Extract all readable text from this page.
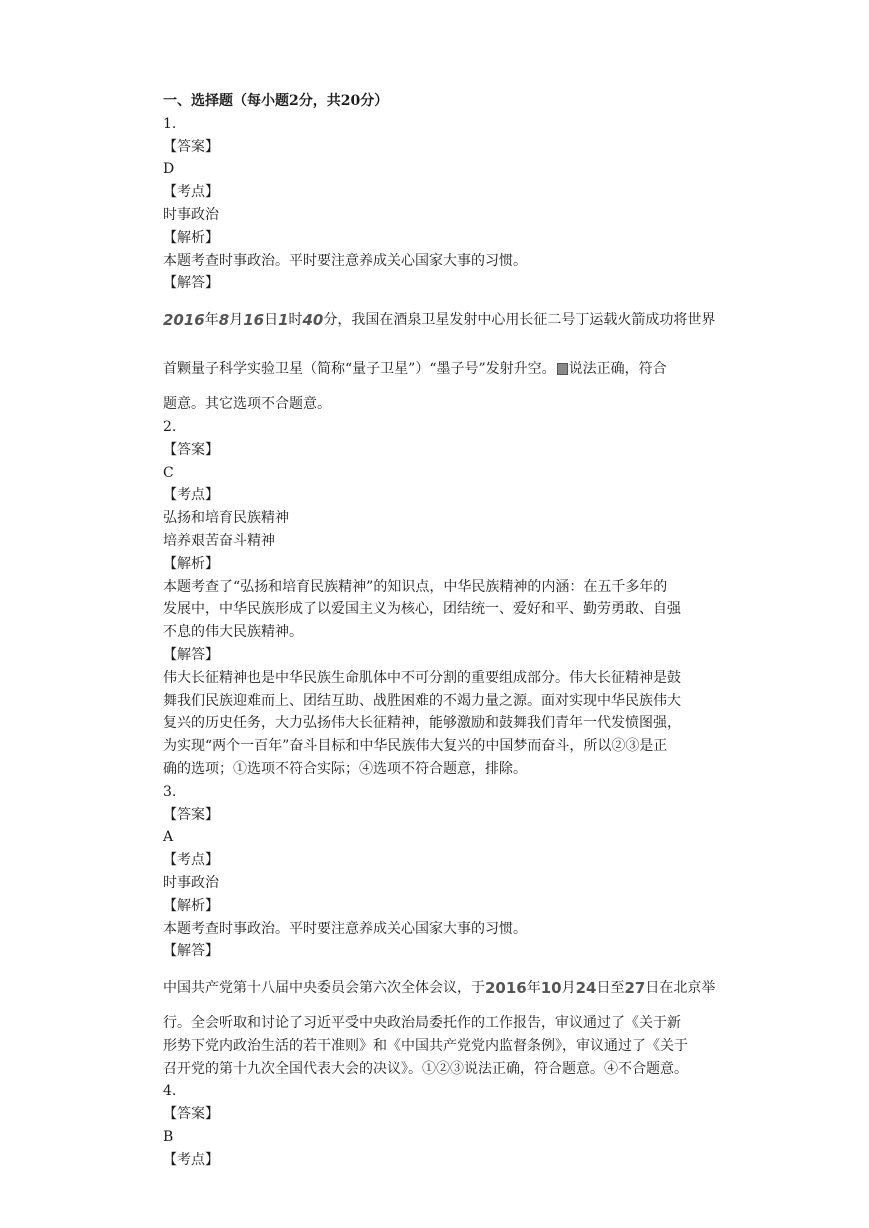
一、选择题（每小题2分，共20分）

1.

【答案】

D

【考点】

时事政治

【解析】

本题考查时事政治。平时要注意养成关心国家大事的习惯。

【解答】

2016 年 8 月 16 日 1 时 40 分 ，我国在酒泉卫星发射中心用长征二号丁运载火箭成功将世界
首颗量子科学实验卫星（简称“量子卫星”）“墨子号”发射升空。 说法正确，符合

题意。其它选项不合题意。

2.

【答案】

C

【考点】

弘扬和培育民族精神

培养艰苦奋斗精神

【解析】

本题考查了“弘扬和培育民族精神”的知识点，中华民族精神的内涵：在五千多年的

发展中，中华民族形成了以爱国主义为核心，团结统一、爱好和平、勤劳勇敢、自强

不息的伟大民族精神。

【解答】

伟大长征精神也是中华民族生命肌体中不可分割的重要组成部分。伟大长征精神是鼓

舞我们民族迎难而上、团结互助、战胜困难的不竭力量之源。面对实现中华民族伟大

复兴的历史任务，大力弘扬伟大长征精神，能够激励和鼓舞我们青年一代发愤图强，

为实现“两个一百年”奋斗目标和中华民族伟大复兴的中国梦而奋斗，所以②③是正

确的选项；①选项不符合实际；④选项不符合题意，排除。

3.

【答案】

A

【考点】

时事政治

【解析】

本题考查时事政治。平时要注意养成关心国家大事的习惯。

【解答】

中国共产党第十八届中央委员会第六次全体会议，于 2016 年 10 月 24 日至 27 日在北京举

行。全会听取和讨论了习近平受中央政治局委托作的工作报告，审议通过了《关于新

形势下党内政治生活的若干准则》和《中国共产党党内监督条例》，审议通过了《关于

召开党的第十九次全国代表大会的决议》。①②③说法正确，符合题意。④不合题意。

4.

【答案】

B

【考点】
